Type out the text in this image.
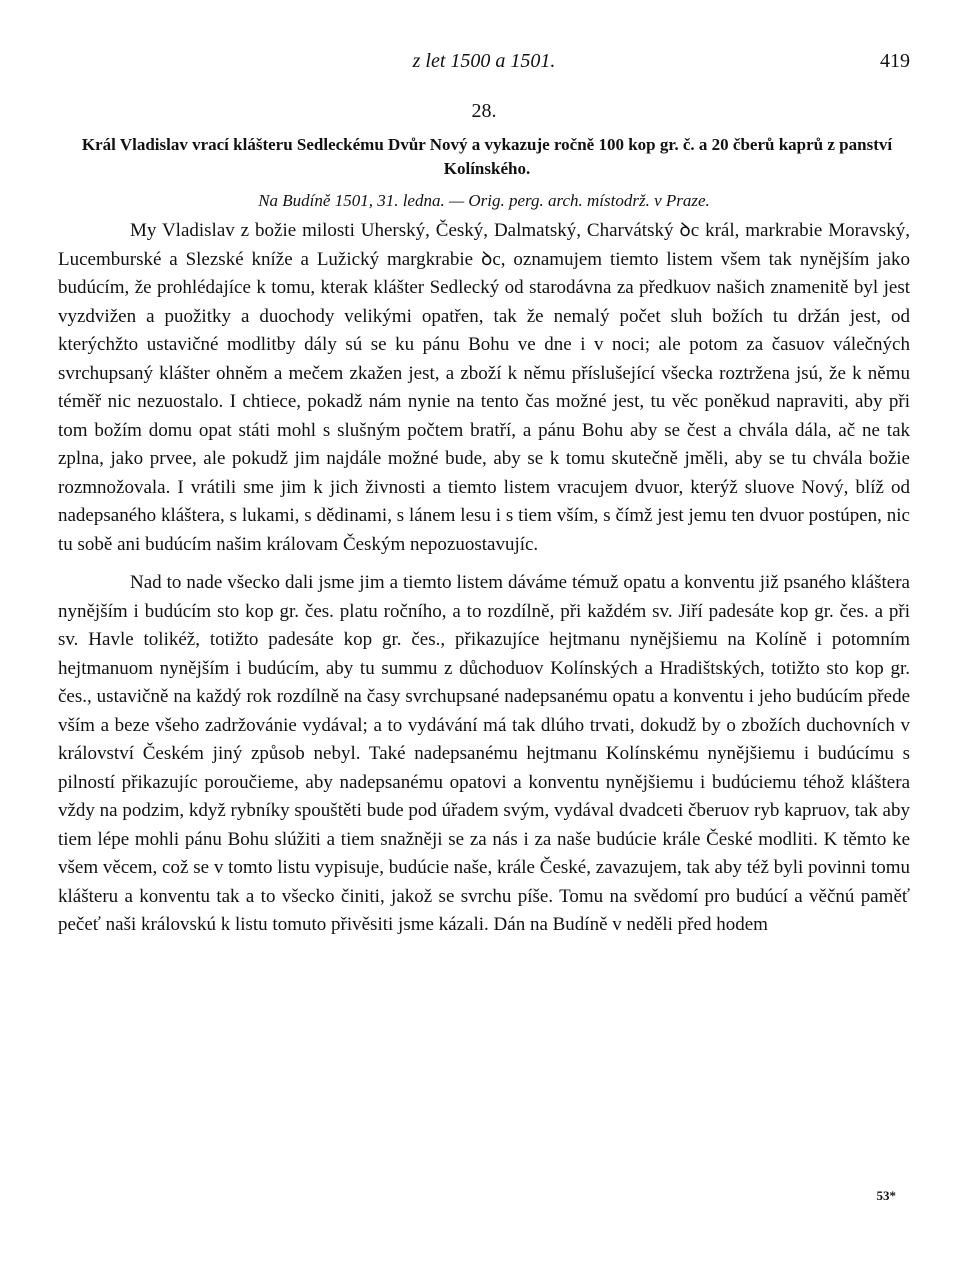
z let 1500 a 1501.	419
28.
Král Vladislav vrací klášteru Sedleckému Dvůr Nový a vykazuje ročně 100 kop gr. č. a 20 čberů kaprů z panství Kolínského.
Na Budíně 1501, 31. ledna. — Orig. perg. arch. místodrž. v Praze.

My Vladislav z božie milosti Uherský, Český, Dalmatský, Charvátský ꝺc král, markrabie Moravský, Lucemburské a Slezské kníže a Lužický margkrabie ꝺc, oznamujem tiemto listem všem tak nynějším jako budúcím, že prohlédajíce k tomu, kterak klášter Sedlecký od starodávna za předkuov našich znamenitě byl jest vyzdvižen a puožitky a duochody velikými opatřen, tak že nemalý počet sluh božích tu držán jest, od kterýchžto ustavičné modlitby dály sú se ku pánu Bohu ve dne i v noci; ale potom za časuov válečných svrchupsaný klášter ohněm a mečem zkažen jest, a zboží k němu příslušející všecka roztržena jsú, že k němu téměř nic nezuostalo. I chtiece, pokadž nám nynie na tento čas možné jest, tu věc poněkud napraviti, aby při tom božím domu opat státi mohl s slušným počtem bratří, a pánu Bohu aby se čest a chvála dála, ač ne tak zplna, jako prvee, ale pokudž jim najdále možné bude, aby se k tomu skutečně jměli, aby se tu chvála božie rozmnožovala. I vrátili sme jim k jich živnosti a tiemto listem vracujem dvuor, kterýž sluove Nový, blíž od nadepsaného kláštera, s lukami, s dědinami, s lánem lesu i s tiem vším, s čímž jest jemu ten dvuor postúpen, nic tu sobě ani budúcím našim královam Českým nepozuostavujíc.

Nad to nade všecko dali jsme jim a tiemto listem dáváme témuž opatu a konventu již psaného kláštera nynějším i budúcím sto kop gr. čes. platu ročního, a to rozdílně, při každém sv. Jiří padesáte kop gr. čes. a při sv. Havle tolikéž, totižto padesáte kop gr. čes., přikazujíce hejtmanu nynějšiemu na Kolíně i potomním hejtmanuom nynějším i budúcím, aby tu summu z důchoduov Kolínských a Hradištských, totižto sto kop gr. čes., ustavičně na každý rok rozdílně na časy svrchupsané nadepsanému opatu a konventu i jeho budúcím přede vším a beze všeho zadržovánie vydával; a to vydávání má tak dlúho trvati, dokudž by o zbožích duchovních v království Českém jiný způsob nebyl. Také nadepsanému hejtmanu Kolínskému nynějšiemu i budúcímu s pilností přikazujíc poroučieme, aby nadepsanému opatovi a konventu nynějšiemu i budúciemu téhož kláštera vždy na podzim, když rybníky spouštěti bude pod úřadem svým, vydával dvadceti čberuov ryb kapruov, tak aby tiem lépe mohli pánu Bohu slúžiti a tiem snažněji se za nás i za naše budúcie krále České modliti. K těmto ke všem věcem, což se v tomto listu vypisuje, budúcie naše, krále České, zavazujem, tak aby též byli povinni tomu klášteru a konventu tak a to všecko činiti, jakož se svrchu píše. Tomu na svědomí pro budúcí a věčnú paměť pečeť naši královskú k listu tomuto přivěsiti jsme kázali. Dán na Budíně v neděli před hodem

53*
